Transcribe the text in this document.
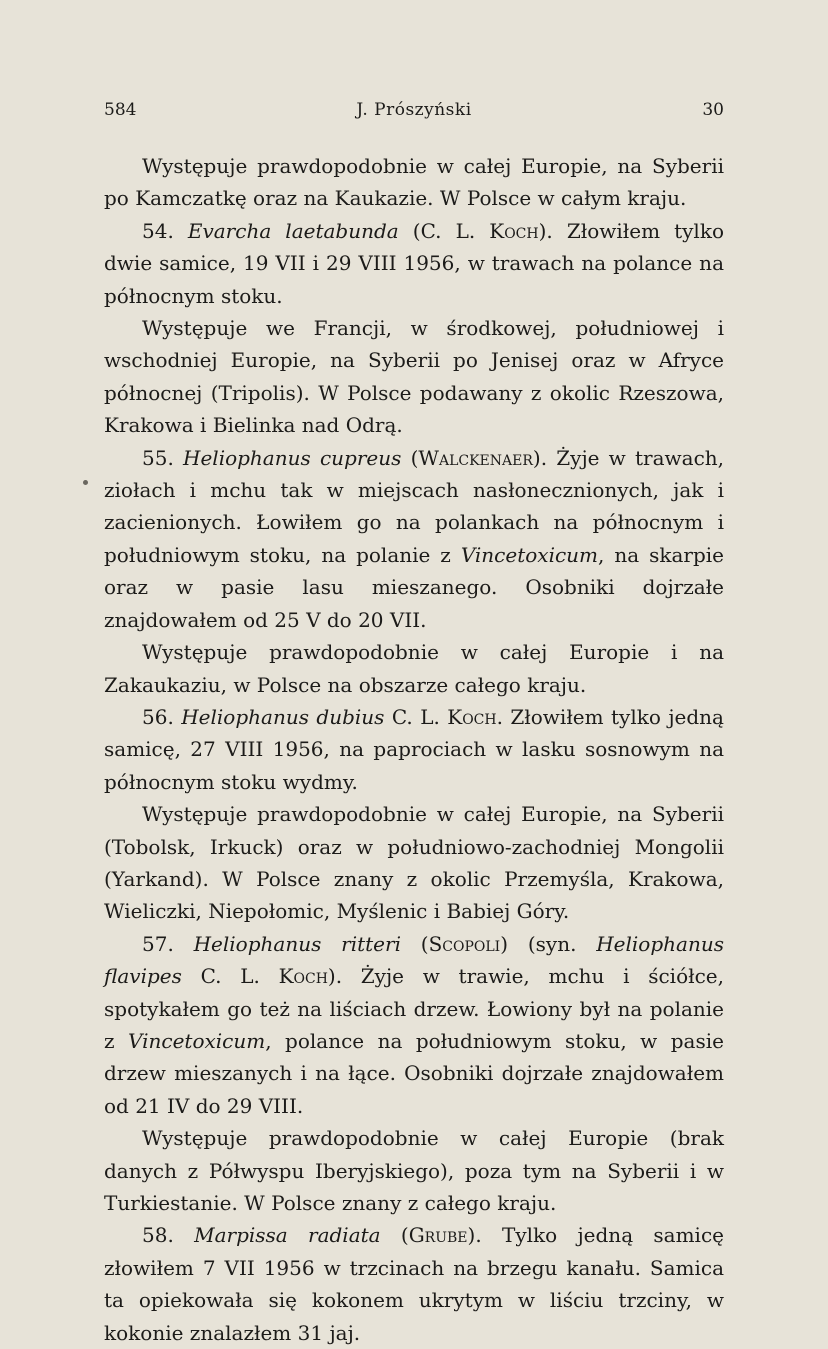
584	J. Prószyński	30

Występuje prawdopodobnie w całej Europie, na Syberii po Kamczatkę oraz na Kaukazie. W Polsce w całym kraju.

54. Evarcha laetabunda (C. L. Koch). Złowiłem tylko dwie samice, 19 VII i 29 VIII 1956, w trawach na polance na północnym stoku.

Występuje we Francji, w środkowej, południowej i wschodniej Europie, na Syberii po Jenisej oraz w Afryce północnej (Tripolis). W Polsce podawany z okolic Rzeszowa, Krakowa i Bielinka nad Odrą.

55. Heliophanus cupreus (Walckenaer). Żyje w trawach, ziołach i mchu tak w miejscach nasłonecznionych, jak i zacienionych. Łowiłem go na polankach na północnym i południowym stoku, na polanie z Vincetoxicum, na skarpie oraz w pasie lasu mieszanego. Osobniki dojrzałe znajdowałem od 25 V do 20 VII.

Występuje prawdopodobnie w całej Europie i na Zakaukaziu, w Polsce na obszarze całego kraju.

56. Heliophanus dubius C. L. Koch. Złowiłem tylko jedną samicę, 27 VIII 1956, na paprociach w lasku sosnowym na północnym stoku wydmy.

Występuje prawdopodobnie w całej Europie, na Syberii (Tobolsk, Irkuck) oraz w południowo-zachodniej Mongolii (Yarkand). W Polsce znany z okolic Przemyśla, Krakowa, Wieliczki, Niepołomic, Myślenic i Babiej Góry.

57. Heliophanus ritteri (Scopoli) (syn. Heliophanus flavipes C. L. Koch). Żyje w trawie, mchu i ściółce, spotykałem go też na liściach drzew. Łowiony był na polanie z Vincetoxicum, polance na południowym stoku, w pasie drzew mieszanych i na łące. Osobniki dojrzałe znajdowałem od 21 IV do 29 VIII.

Występuje prawdopodobnie w całej Europie (brak danych z Półwyspu Iberyjskiego), poza tym na Syberii i w Turkiestanie. W Polsce znany z całego kraju.

58. Marpissa radiata (Grube). Tylko jedną samicę złowiłem 7 VII 1956 w trzcinach na brzegu kanału. Samica ta opiekowała się kokonem ukrytym w liściu trzciny, w kokonie znalazłem 31 jaj.
